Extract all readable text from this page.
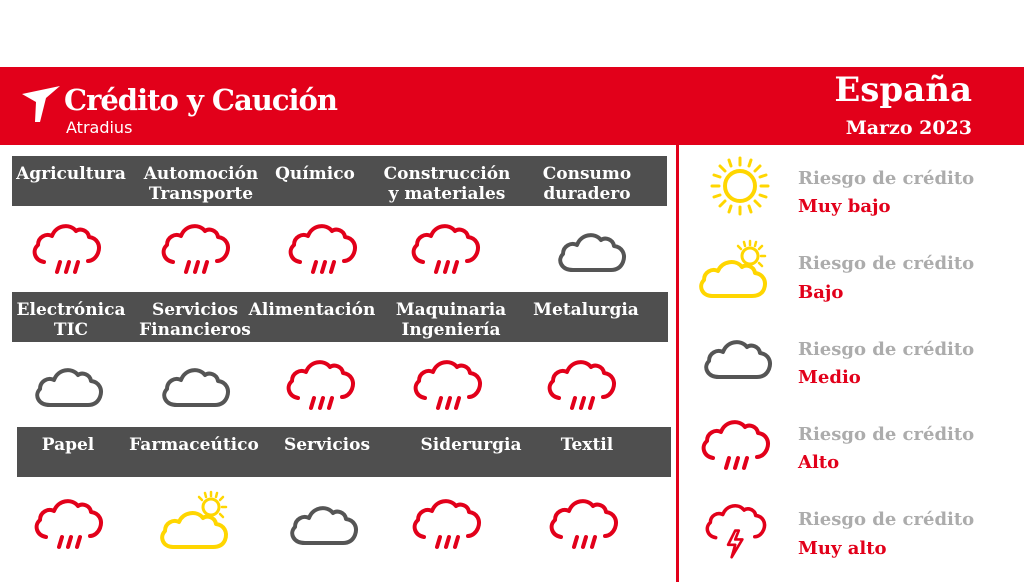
Crédito y Caución
Atradius
España
Marzo 2023
Agricultura Automoción
Transporte
Químico Construcción
y materiales
Consumo
duradero
Electrónica
TIC
Servicios
Financieros
Alimentación Maquinaria
Ingeniería
Metalurgia
Papel Farmaceútico Servicios	Siderurgia Textil
Riesgo de crédito
Muy bajo
Riesgo de crédito
Bajo
Riesgo de crédito
Medio
Riesgo de crédito
Alto
Riesgo de crédito
Muy alto
